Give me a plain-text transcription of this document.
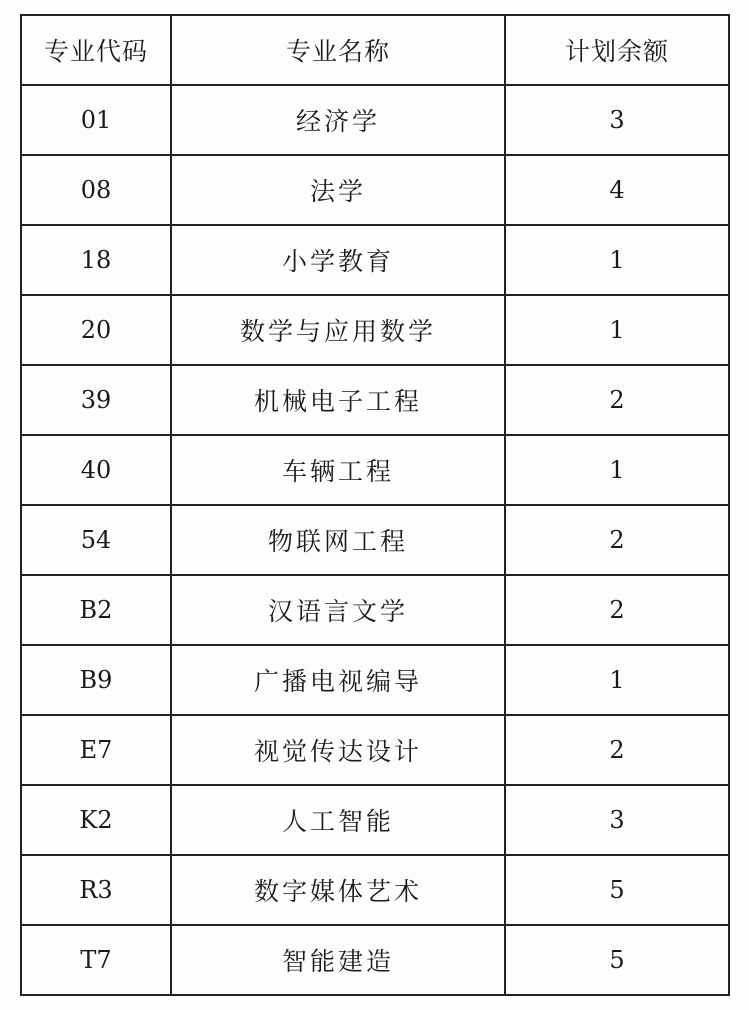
专业代码	专业名称	计划余额
01	经济学	3
08	法学	4
18	小学教育	1
20	数学与应用数学	1
39	机械电子工程	2
40	车辆工程	1
54	物联网工程	2
B2	汉语言文学	2
B9	广播电视编导	1
E7	视觉传达设计	2
K2	人工智能	3
R3	数字媒体艺术	5
T7	智能建造	5
